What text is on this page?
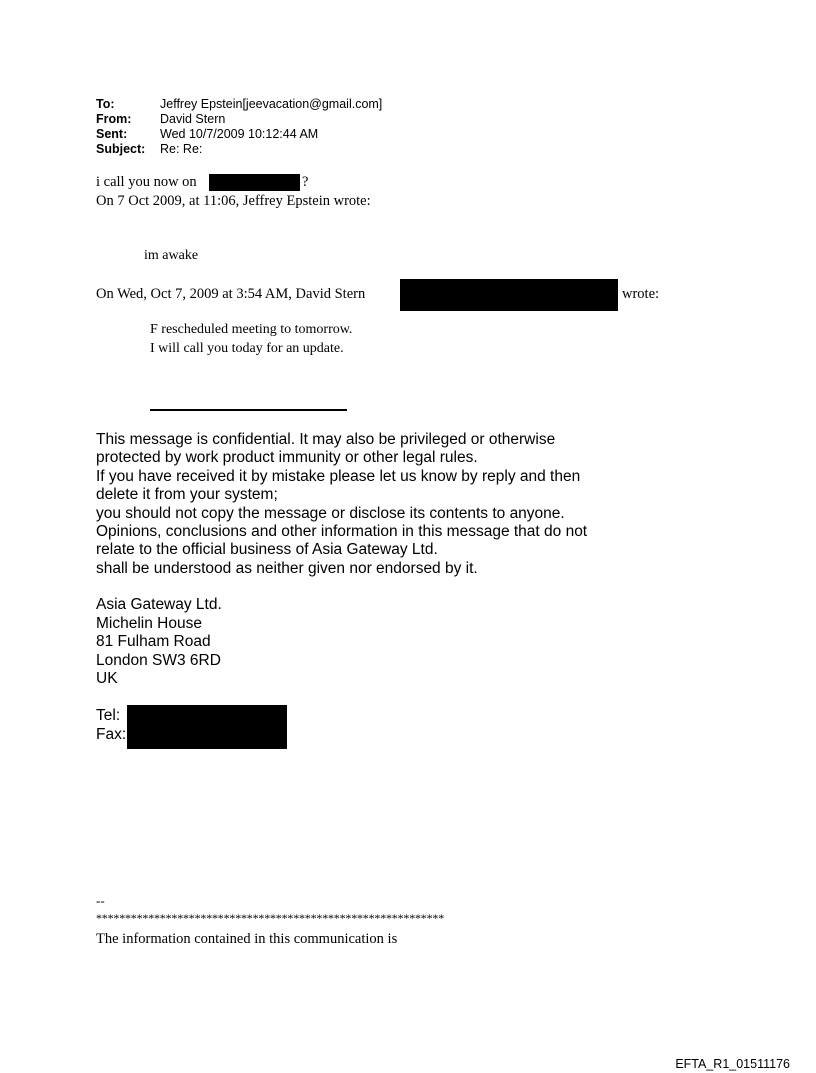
To:	Jeffrey Epstein[jeevacation@gmail.com]
From: David Stern
Sent:	Wed 10/7/2009 10:12:44 AM
Subject: Re: Re:
i call you now on	?
On 7 Oct 2009, at 11:06, Jeffrey Epstein wrote:
im awake
On Wed, Oct 7, 2009 at 3:54 AM, David Stern	wrote:
F rescheduled meeting to tomorrow.
I will call you today for an update.
This message is confidential. It may also be privileged or otherwise
protected by work product immunity or other legal rules.
If you have received it by mistake please let us know by reply and then
delete it from your system;
you should not copy the message or disclose its contents to anyone.
Opinions, conclusions and other information in this message that do not
relate to the official business of Asia Gateway Ltd.
shall be understood as neither given nor endorsed by it.
Asia Gateway Ltd.
Michelin House
81 Fulham Road
London SW3 6RD
UK
Tel:
Fax:
--
************************************************************
The information contained in this communication is
EFTA_R1_01511176
